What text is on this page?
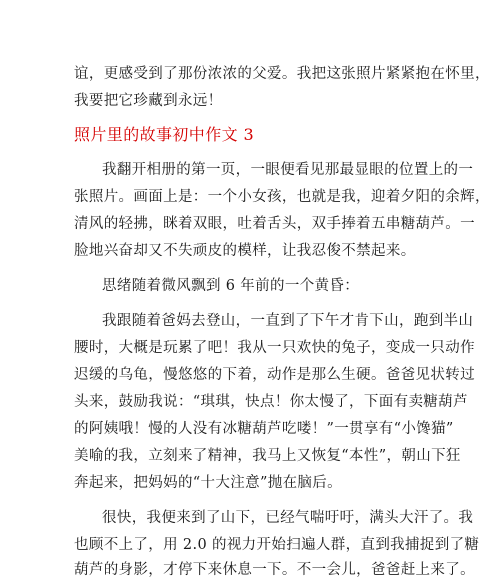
谊，更感受到了那份浓浓的父爱。我把这张照片紧紧抱在怀里，
我要把它珍藏到永远！
照片里的故事初中作文 3
我翻开相册的第一页，一眼便看见那最显眼的位置上的一
张照片。画面上是：一个小女孩，也就是我，迎着夕阳的余辉，
清风的轻拂，眯着双眼，吐着舌头，双手捧着五串糖葫芦。一
脸地兴奋却又不失顽皮的模样，让我忍俊不禁起来。
思绪随着微风飘到 6 年前的一个黄昏：
我跟随着爸妈去登山，一直到了下午才肯下山，跑到半山
腰时，大概是玩累了吧！我从一只欢快的兔子，变成一只动作
迟缓的乌龟，慢悠悠的下着，动作是那么生硬。爸爸见状转过
头来，鼓励我说：“琪琪，快点！你太慢了，下面有卖糖葫芦
的阿姨哦！慢的人没有冰糖葫芦吃喽！”一贯享有“小馋猫”
美喻的我，立刻来了精神，我马上又恢复“本性”，朝山下狂
奔起来，把妈妈的“十大注意”抛在脑后。
很快，我便来到了山下，已经气喘吁吁，满头大汗了。我
也顾不上了，用 2.0 的视力开始扫遍人群，直到我捕捉到了糖
葫芦的身影，才停下来休息一下。不一会儿，爸爸赶上来了。
